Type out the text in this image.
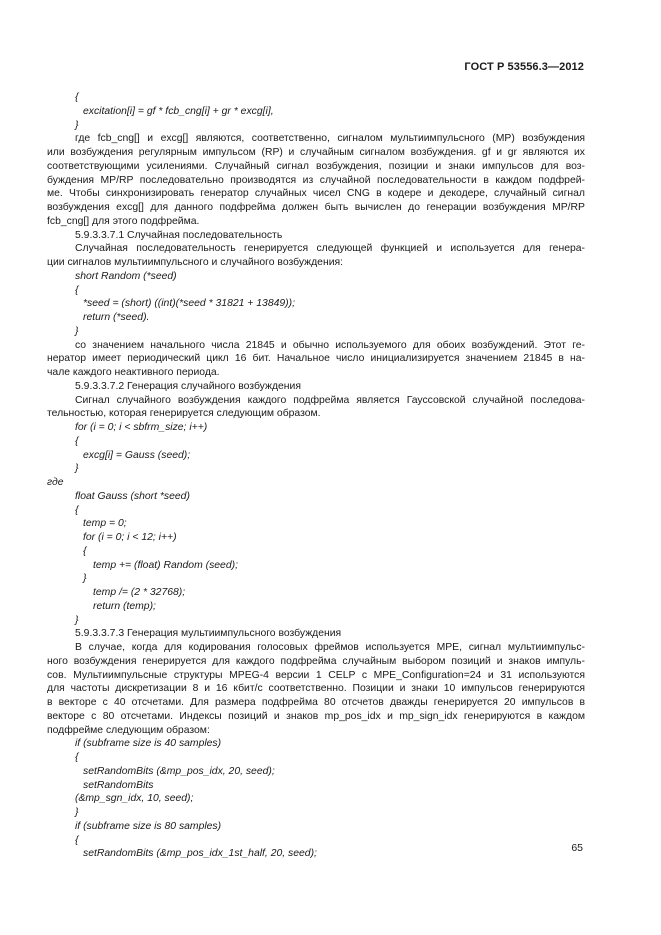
ГОСТ Р 53556.3—2012
{
excitation[i] = gf * fcb_cng[i] + gr * excg[i],
}
где fcb_cng[] и excg[] являются, соответственно, сигналом мультиимпульсного (MP) возбуждения
или возбуждения регулярным импульсом (RP) и случайным сигналом возбуждения. gf и gr являются их
соответствующими усилениями. Случайный сигнал возбуждения, позиции и знаки импульсов для воз-
буждения MP/RP последовательно производятся из случайной последовательности в каждом подфрей-
ме. Чтобы синхронизировать генератор случайных чисел CNG в кодере и декодере, случайный сигнал
возбуждения excg[] для данного подфрейма должен быть вычислен до генерации возбуждения MP/RP
fcb_cng[] для этого подфрейма.
5.9.3.3.7.1 Случайная последовательность
Случайная последовательность генерируется следующей функцией и используется для генера-
ции сигналов мультиимпульсного и случайного возбуждения:
short Random (*seed)
{
*seed = (short) ((int)(*seed * 31821 + 13849));
return (*seed).
}
со значением начального числа 21845 и обычно используемого для обоих возбуждений. Этот ге-
нератор имеет периодический цикл 16 бит. Начальное число инициализируется значением 21845 в на-
чале каждого неактивного периода.
5.9.3.3.7.2 Генерация случайного возбуждения
Сигнал случайного возбуждения каждого подфрейма является Гауссовской случайной последова-
тельностью, которая генерируется следующим образом.
for (i = 0; i < sbfrm_size; i++)
{
excg[i] = Gauss (seed);
}
где
float Gauss (short *seed)
{
temp = 0;
for (i = 0; i < 12; i++)
{
temp += (float) Random (seed);
}
temp /= (2 * 32768);
return (temp);
}
5.9.3.3.7.3 Генерация мультиимпульсного возбуждения
В случае, когда для кодирования голосовых фреймов используется MPE, сигнал мультиимпульс-
ного возбуждения генерируется для каждого подфрейма случайным выбором позиций и знаков импуль-
сов. Мультиимпульсные структуры MPEG-4 версии 1 CELP с MPE_Configuration=24 и 31 используются
для частоты дискретизации 8 и 16 кбит/с соответственно. Позиции и знаки 10 импульсов генерируются
в векторе с 40 отсчетами. Для размера подфрейма 80 отсчетов дважды генерируется 20 импульсов в
векторе с 80 отсчетами. Индексы позиций и знаков mp_pos_idx и mp_sign_idx генерируются в каждом
подфрейме следующим образом:
if (subframe size is 40 samples)
{
setRandomBits (&mp_pos_idx, 20, seed);
setRandomBits
(&mp_sgn_idx, 10, seed);
}
if (subframe size is 80 samples)
{
setRandomBits (&mp_pos_idx_1st_half, 20, seed);	65
